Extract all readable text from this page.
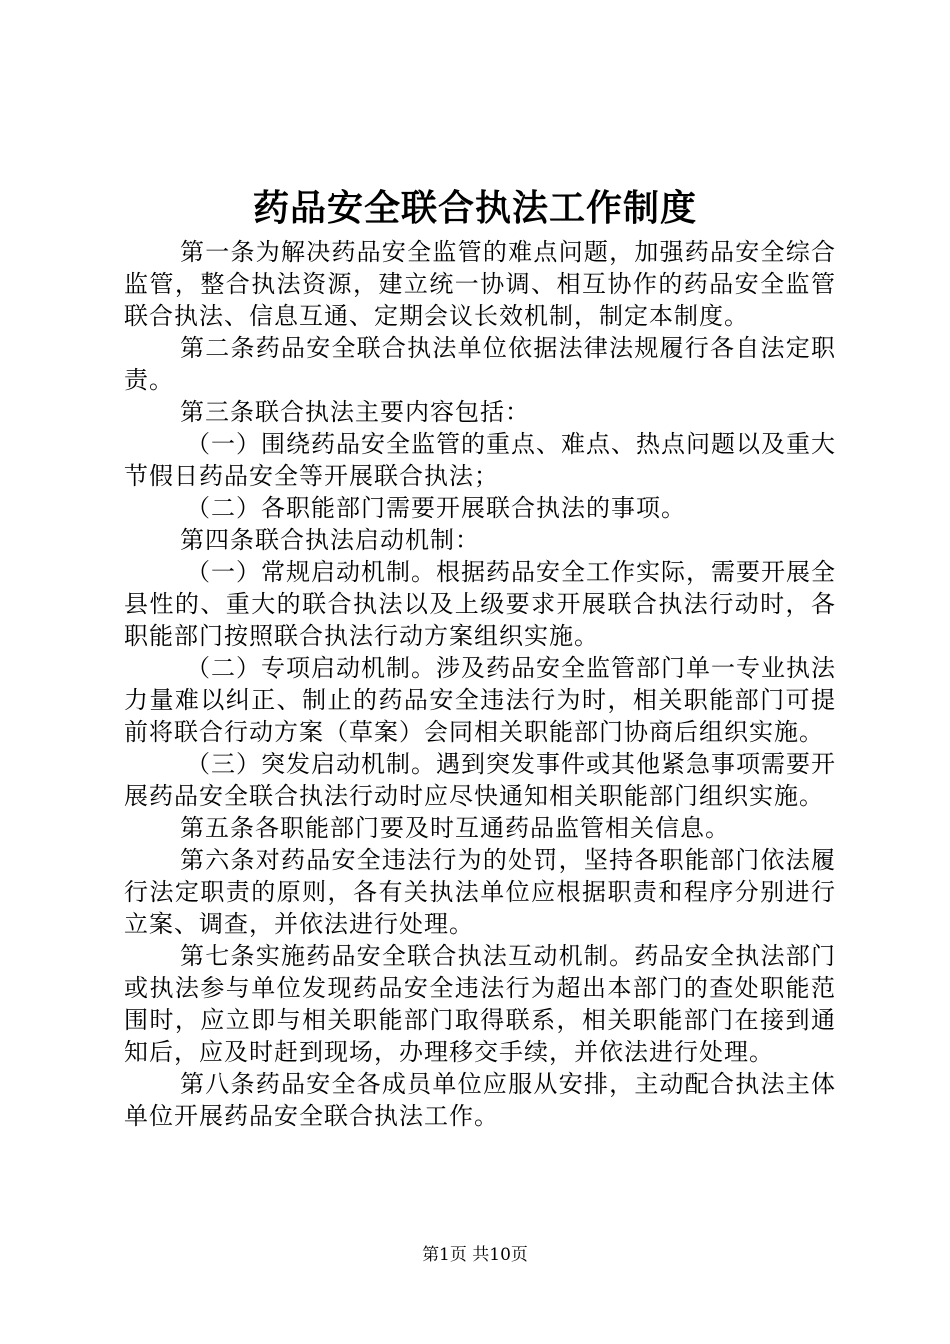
药品安全联合执法工作制度

第一条为解决药品安全监管的难点问题，加强药品安全综合监管，整合执法资源，建立统一协调、相互协作的药品安全监管联合执法、信息互通、定期会议长效机制，制定本制度。

第二条药品安全联合执法单位依据法律法规履行各自法定职责。

第三条联合执法主要内容包括：

（一）围绕药品安全监管的重点、难点、热点问题以及重大节假日药品安全等开展联合执法；

（二）各职能部门需要开展联合执法的事项。

第四条联合执法启动机制：

（一）常规启动机制。根据药品安全工作实际，需要开展全县性的、重大的联合执法以及上级要求开展联合执法行动时，各职能部门按照联合执法行动方案组织实施。

（二）专项启动机制。涉及药品安全监管部门单一专业执法力量难以纠正、制止的药品安全违法行为时，相关职能部门可提前将联合行动方案（草案）会同相关职能部门协商后组织实施。

（三）突发启动机制。遇到突发事件或其他紧急事项需要开展药品安全联合执法行动时应尽快通知相关职能部门组织实施。

第五条各职能部门要及时互通药品监管相关信息。

第六条对药品安全违法行为的处罚，坚持各职能部门依法履行法定职责的原则，各有关执法单位应根据职责和程序分别进行立案、调查，并依法进行处理。

第七条实施药品安全联合执法互动机制。药品安全执法部门或执法参与单位发现药品安全违法行为超出本部门的查处职能范围时，应立即与相关职能部门取得联系，相关职能部门在接到通知后，应及时赶到现场，办理移交手续，并依法进行处理。

第八条药品安全各成员单位应服从安排，主动配合执法主体单位开展药品安全联合执法工作。

第1页 共10页
